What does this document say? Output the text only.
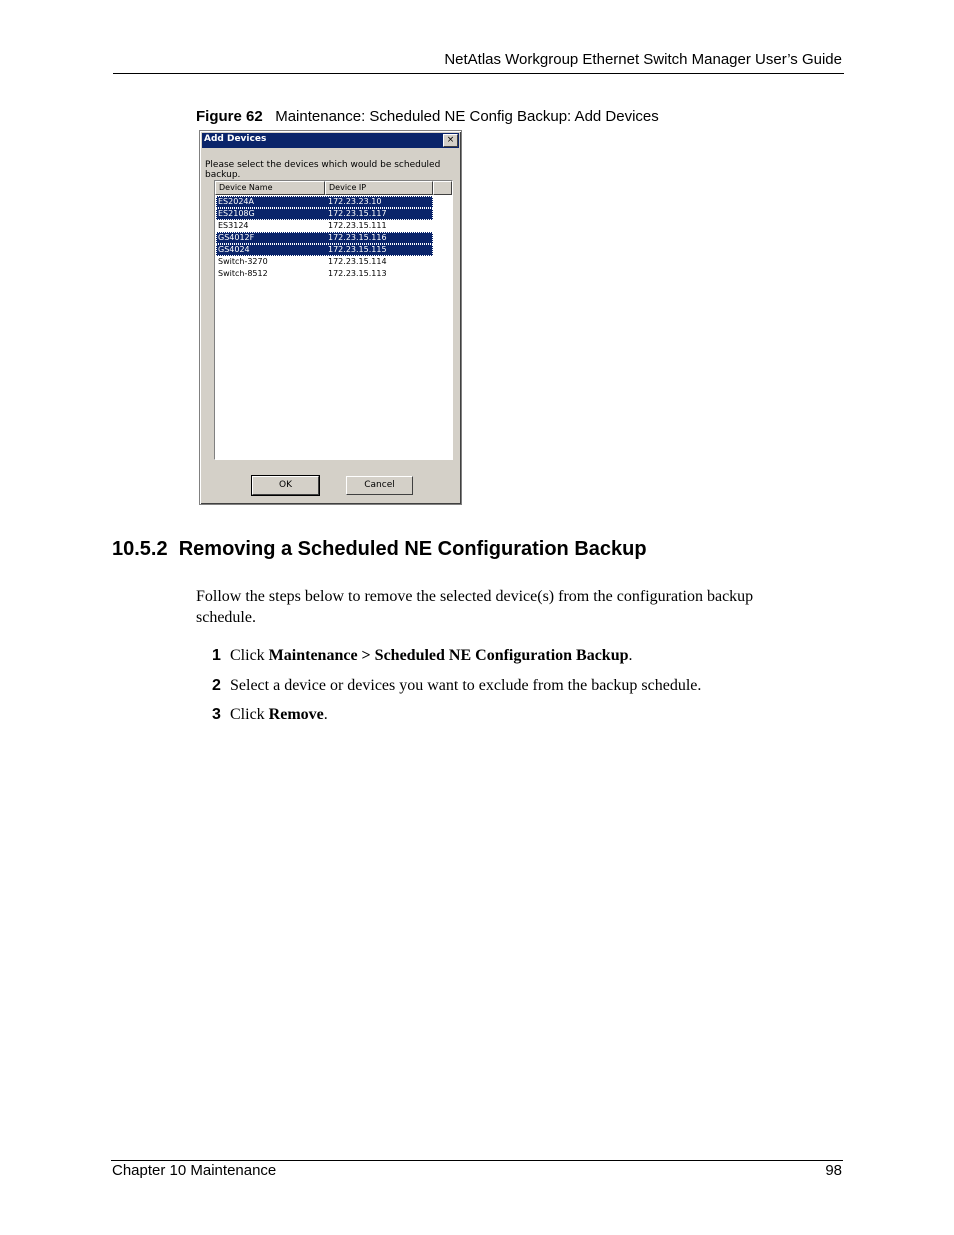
NetAtlas Workgroup Ethernet Switch Manager User’s Guide
Figure 62 Maintenance: Scheduled NE Config Backup: Add Devices
Add Devices	×
Please select the devices which would be scheduled backup.
Device Name	Device IP
ES2024A	172.23.23.10
ES2108G	172.23.15.117
ES3124	172.23.15.111
GS4012F	172.23.15.116
GS4024	172.23.15.115
Switch-3270	172.23.15.114
Switch-8512	172.23.15.113
OK	Cancel
10.5.2 Removing a Scheduled NE Configuration Backup
Follow the steps below to remove the selected device(s) from the configuration backup schedule.
1 Click Maintenance > Scheduled NE Configuration Backup.
2 Select a device or devices you want to exclude from the backup schedule.
3 Click Remove.
Chapter 10 Maintenance	98
